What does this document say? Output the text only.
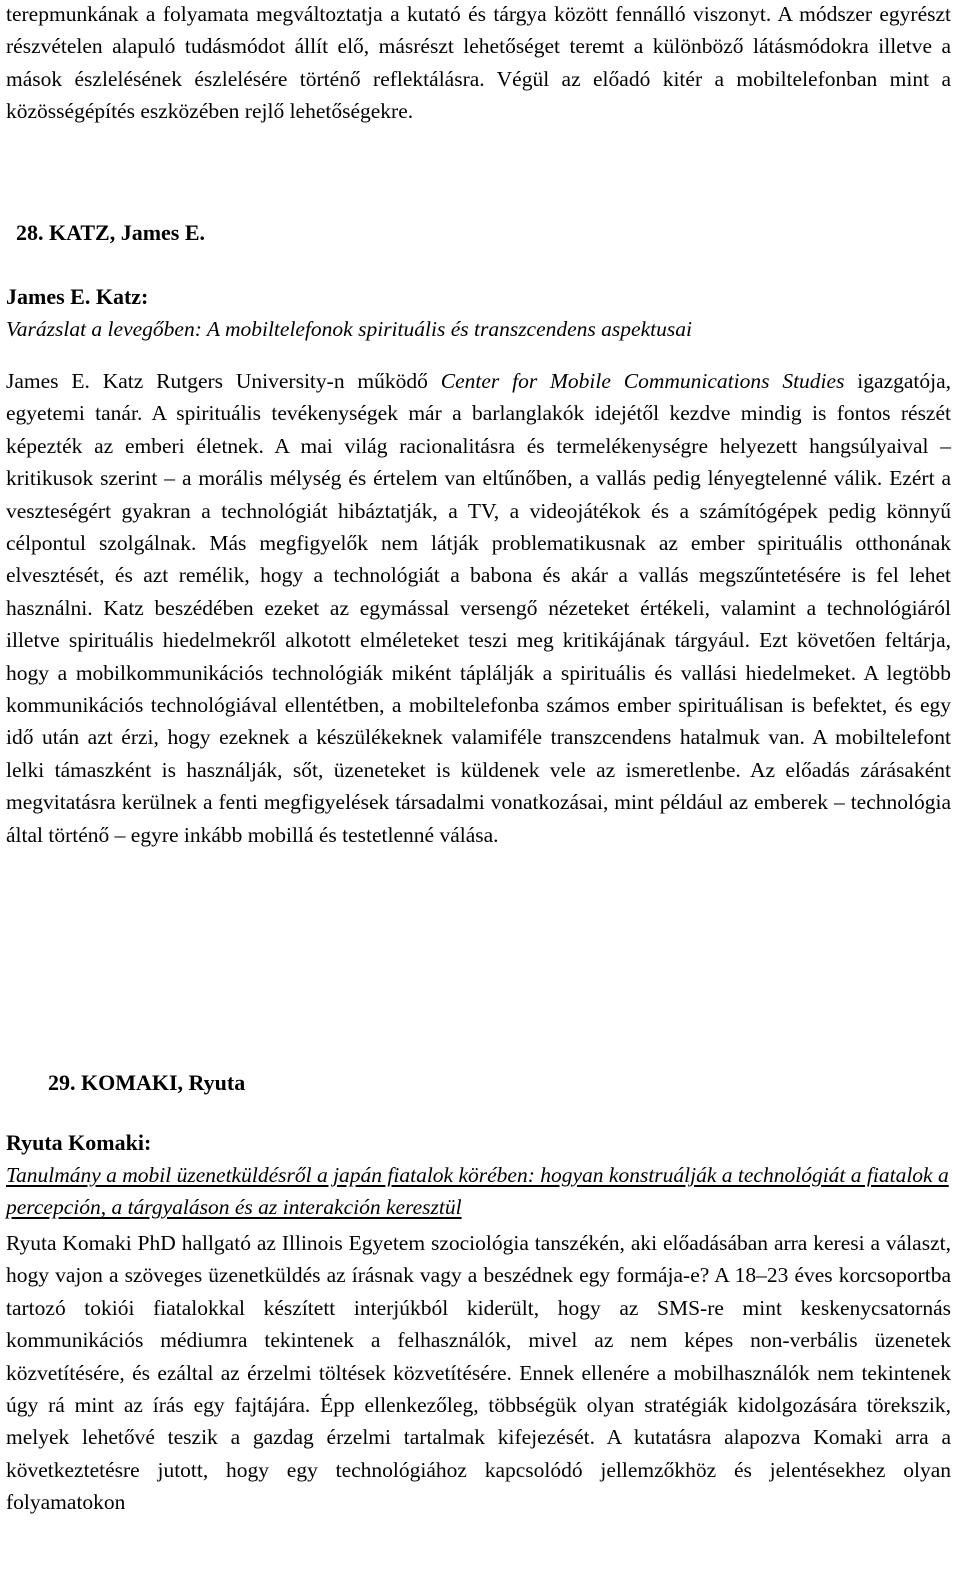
terepmunkának a folyamata megváltoztatja a kutató és tárgya között fennálló viszonyt. A módszer egyrészt részvételen alapuló tudásmódot állít elő, másrészt lehetőséget teremt a különböző látásmódokra illetve a mások észlelésének észlelésére történő reflektálásra. Végül az előadó kitér a mobiltelefonban mint a közösségépítés eszközében rejlő lehetőségekre.

28. KATZ, James E.
James E. Katz:
Varázslat a levegőben: A mobiltelefonok spirituális és transzcendens aspektusai

James E. Katz Rutgers University-n működő Center for Mobile Communications Studies igazgatója, egyetemi tanár. A spirituális tevékenységek már a barlanglakók idejétől kezdve mindig is fontos részét képezték az emberi életnek. A mai világ racionalitásra és termelékenységre helyezett hangsúlyaival – kritikusok szerint – a morális mélység és értelem van eltűnőben, a vallás pedig lényegtelenné válik. Ezért a veszteségért gyakran a technológiát hibáztatják, a TV, a videojátékok és a számítógépek pedig könnyű célpontul szolgálnak. Más megfigyelők nem látják problematikusnak az ember spirituális otthonának elvesztését, és azt remélik, hogy a technológiát a babona és akár a vallás megszűntetésére is fel lehet használni. Katz beszédében ezeket az egymással versengő nézeteket értékeli, valamint a technológiáról illetve spirituális hiedelmekről alkotott elméleteket teszi meg kritikájának tárgyául. Ezt követően feltárja, hogy a mobilkommunikációs technológiák miként táplálják a spirituális és vallási hiedelmeket. A legtöbb kommunikációs technológiával ellentétben, a mobiltelefonba számos ember spirituálisan is befektet, és egy idő után azt érzi, hogy ezeknek a készülékeknek valamiféle transzcendens hatalmuk van. A mobiltelefont lelki támaszként is használják, sőt, üzeneteket is küldenek vele az ismeretlenbe. Az előadás zárásaként megvitatásra kerülnek a fenti megfigyelések társadalmi vonatkozásai, mint például az emberek – technológia által történő – egyre inkább mobillá és testetlenné válása.

29. KOMAKI, Ryuta
Ryuta Komaki:
Tanulmány a mobil üzenetküldésről a japán fiatalok körében: hogyan konstruálják a technológiát a fiatalok a percepción, a tárgyaláson és az interakción keresztül

Ryuta Komaki PhD hallgató az Illinois Egyetem szociológia tanszékén, aki előadásában arra keresi a választ, hogy vajon a szöveges üzenetküldés az írásnak vagy a beszédnek egy formája-e? A 18–23 éves korcsoportba tartozó tokiói fiatalokkal készített interjúkból kiderült, hogy az SMS-re mint keskenycsatornás kommunikációs médiumra tekintenek a felhasználók, mivel az nem képes non-verbális üzenetek közvetítésére, és ezáltal az érzelmi töltések közvetítésére. Ennek ellenére a mobilhasználók nem tekintenek úgy rá mint az írás egy fajtájára. Épp ellenkezőleg, többségük olyan stratégiák kidolgozására törekszik, melyek lehetővé teszik a gazdag érzelmi tartalmak kifejezését. A kutatásra alapozva Komaki arra a következtetésre jutott, hogy egy technológiához kapcsolódó jellemzőkhöz és jelentésekhez olyan folyamatokon
